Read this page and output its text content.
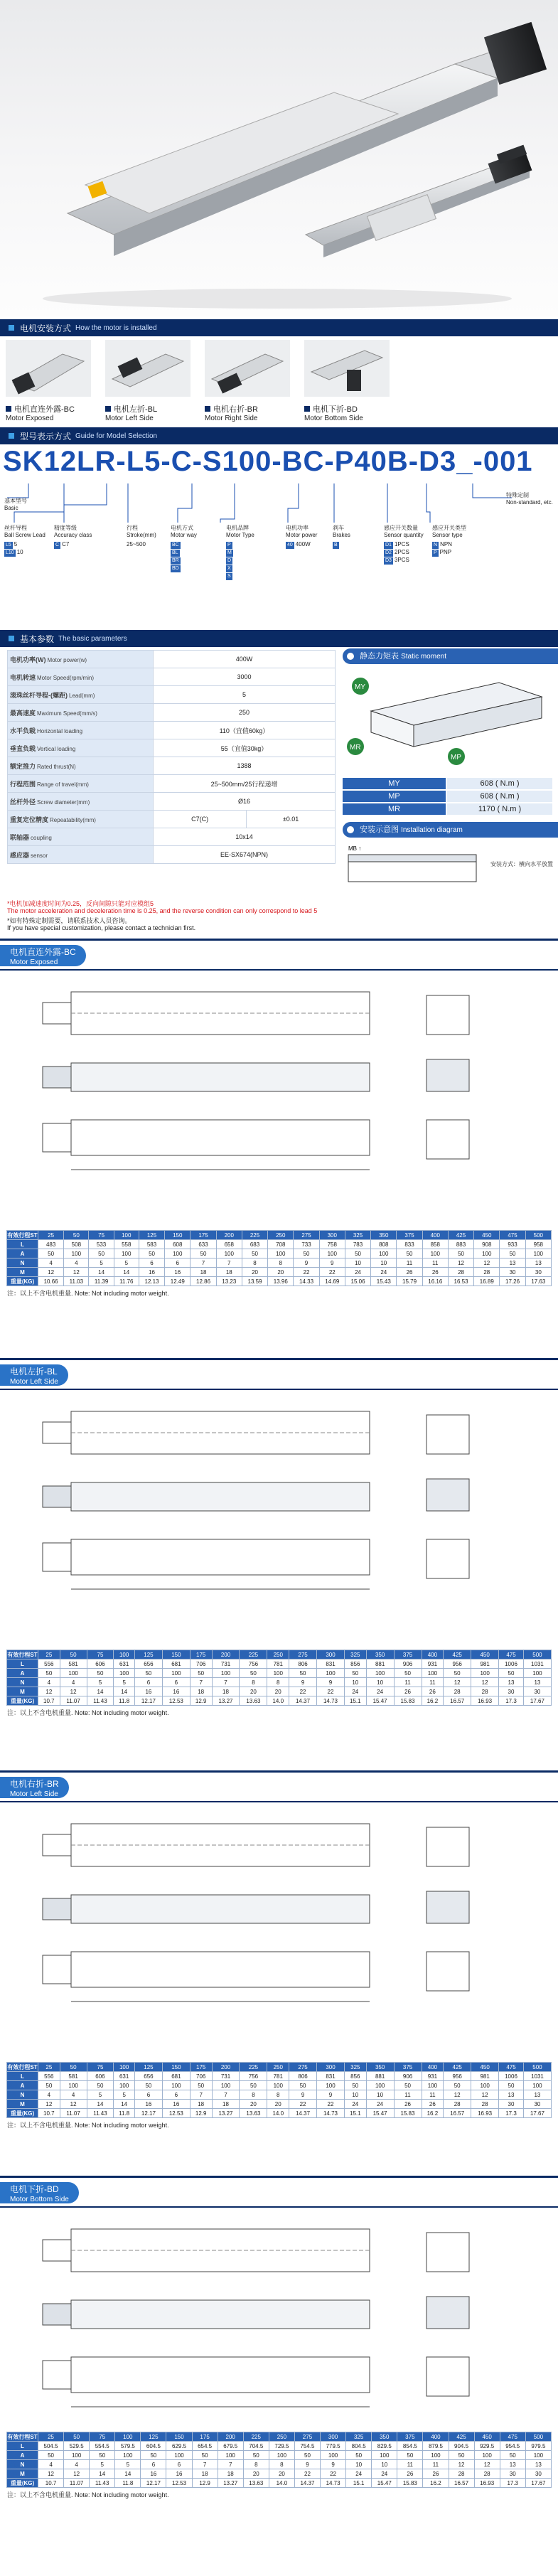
电机安装方式 How the motor is installed
电机直连外露-BC
Motor Exposed
电机左折-BL
Motor Left Side
电机右折-BR
Motor Right Side
电机下折-BD
Motor Bottom Side
型号表示方式 Guide for Model Selection
SK12LR-L5-C-S100-BC-P40B-D3_-001
基本型号
Basic
特殊定制
Non-standard, etc.
丝杆导程
Ball Screw Lead
L5 5
L10 10
精度等级
Accuracy class
C C7
行程
Stroke(mm)
25~500
电机方式
Motor way
BC
BL
BR
BD
电机品牌
Motor Type
P
M
D
X
S
电机功率
Motor power
40 400W
刹车
Brakes
B
感应开关数量
Sensor quantity
D1 1PCS
D2 2PCS
D3 3PCS
感应开关类型
Sensor type
N NPN
P PNP
基本参数 The basic parameters
电机功率(W) Motor power(w)	400W	
电机转速 Motor Speed(rpm/min)	3000	
滚珠丝杆导程-(螺距) Lead(mm)	5	
最高速度 Maximum Speed(mm/s)	250	
水平负载 Horizontal loading	110（宜值60kg）	
垂直负载 Vertical loading	55（宜值30kg）	
额定推力 Rated thrust(N)	1388	
行程范围 Range of travel(mm)	25~500mm/25行程递增	
丝杆外径 Screw diameter(mm)	Ø16	
重复定位精度 Repeatability(mm)	C7(C)	±0.01
联轴器 coupling	10x14	
感应器 sensor	EE-SX674(NPN)	
静态力矩表 Static moment
MY
MR
MP
MY	608 ( N.m )
MP	608 ( N.m )
MR	1170 ( N.m )
安装示意图 Installation diagram
MB ↑
安装方式：横向水平放置
*电机加减速度时间为0.25，反向间隙只能对应模组5
The motor acceleration and deceleration time is 0.25, and the reverse condition can only correspond to lead 5
*如有特殊定制需要，请联系技术人员咨询。
If you have special customization, please contact a technician first.
电机直连外露-BC
Motor Exposed
有效行程ST	25	50	75	100	125	150	175	200	225	250	275	300	325	350	375	400	425	450	475	500
L	483	508	533	558	583	608	633	658	683	708	733	758	783	808	833	858	883	908	933	958
A	50	100	50	100	50	100	50	100	50	100	50	100	50	100	50	100	50	100	50	100
N	4	4	5	5	6	6	7	7	8	8	9	9	10	10	11	11	12	12	13	13
M	12	12	14	14	16	16	18	18	20	20	22	22	24	24	26	26	28	28	30	30
重量(KG)	10.66	11.03	11.39	11.76	12.13	12.49	12.86	13.23	13.59	13.96	14.33	14.69	15.06	15.43	15.79	16.16	16.53	16.89	17.26	17.63
注：以上不含电机重量. Note: Not including motor weight.
电机左折-BL
Motor Left Side
有效行程ST	25	50	75	100	125	150	175	200	225	250	275	300	325	350	375	400	425	450	475	500
L	556	581	606	631	656	681	706	731	756	781	806	831	856	881	906	931	956	981	1006	1031
A	50	100	50	100	50	100	50	100	50	100	50	100	50	100	50	100	50	100	50	100
N	4	4	5	5	6	6	7	7	8	8	9	9	10	10	11	11	12	12	13	13
M	12	12	14	14	16	16	18	18	20	20	22	22	24	24	26	26	28	28	30	30
重量(KG)	10.7	11.07	11.43	11.8	12.17	12.53	12.9	13.27	13.63	14.0	14.37	14.73	15.1	15.47	15.83	16.2	16.57	16.93	17.3	17.67
注：以上不含电机重量. Note: Not including motor weight.
电机右折-BR
Motor Left Side
有效行程ST	25	50	75	100	125	150	175	200	225	250	275	300	325	350	375	400	425	450	475	500
L	556	581	606	631	656	681	706	731	756	781	806	831	856	881	906	931	956	981	1006	1031
A	50	100	50	100	50	100	50	100	50	100	50	100	50	100	50	100	50	100	50	100
N	4	4	5	5	6	6	7	7	8	8	9	9	10	10	11	11	12	12	13	13
M	12	12	14	14	16	16	18	18	20	20	22	22	24	24	26	26	28	28	30	30
重量(KG)	10.7	11.07	11.43	11.8	12.17	12.53	12.9	13.27	13.63	14.0	14.37	14.73	15.1	15.47	15.83	16.2	16.57	16.93	17.3	17.67
注：以上不含电机重量. Note: Not including motor weight.
电机下折-BD
Motor Bottom Side
有效行程ST	25	50	75	100	125	150	175	200	225	250	275	300	325	350	375	400	425	450	475	500
L	504.5	529.5	554.5	579.5	604.5	629.5	654.5	679.5	704.5	729.5	754.5	779.5	804.5	829.5	854.5	879.5	904.5	929.5	954.5	979.5
A	50	100	50	100	50	100	50	100	50	100	50	100	50	100	50	100	50	100	50	100
N	4	4	5	5	6	6	7	7	8	8	9	9	10	10	11	11	12	12	13	13
M	12	12	14	14	16	16	18	18	20	20	22	22	24	24	26	26	28	28	30	30
重量(KG)	10.7	11.07	11.43	11.8	12.17	12.53	12.9	13.27	13.63	14.0	14.37	14.73	15.1	15.47	15.83	16.2	16.57	16.93	17.3	17.67
注：以上不含电机重量. Note: Not including motor weight.
